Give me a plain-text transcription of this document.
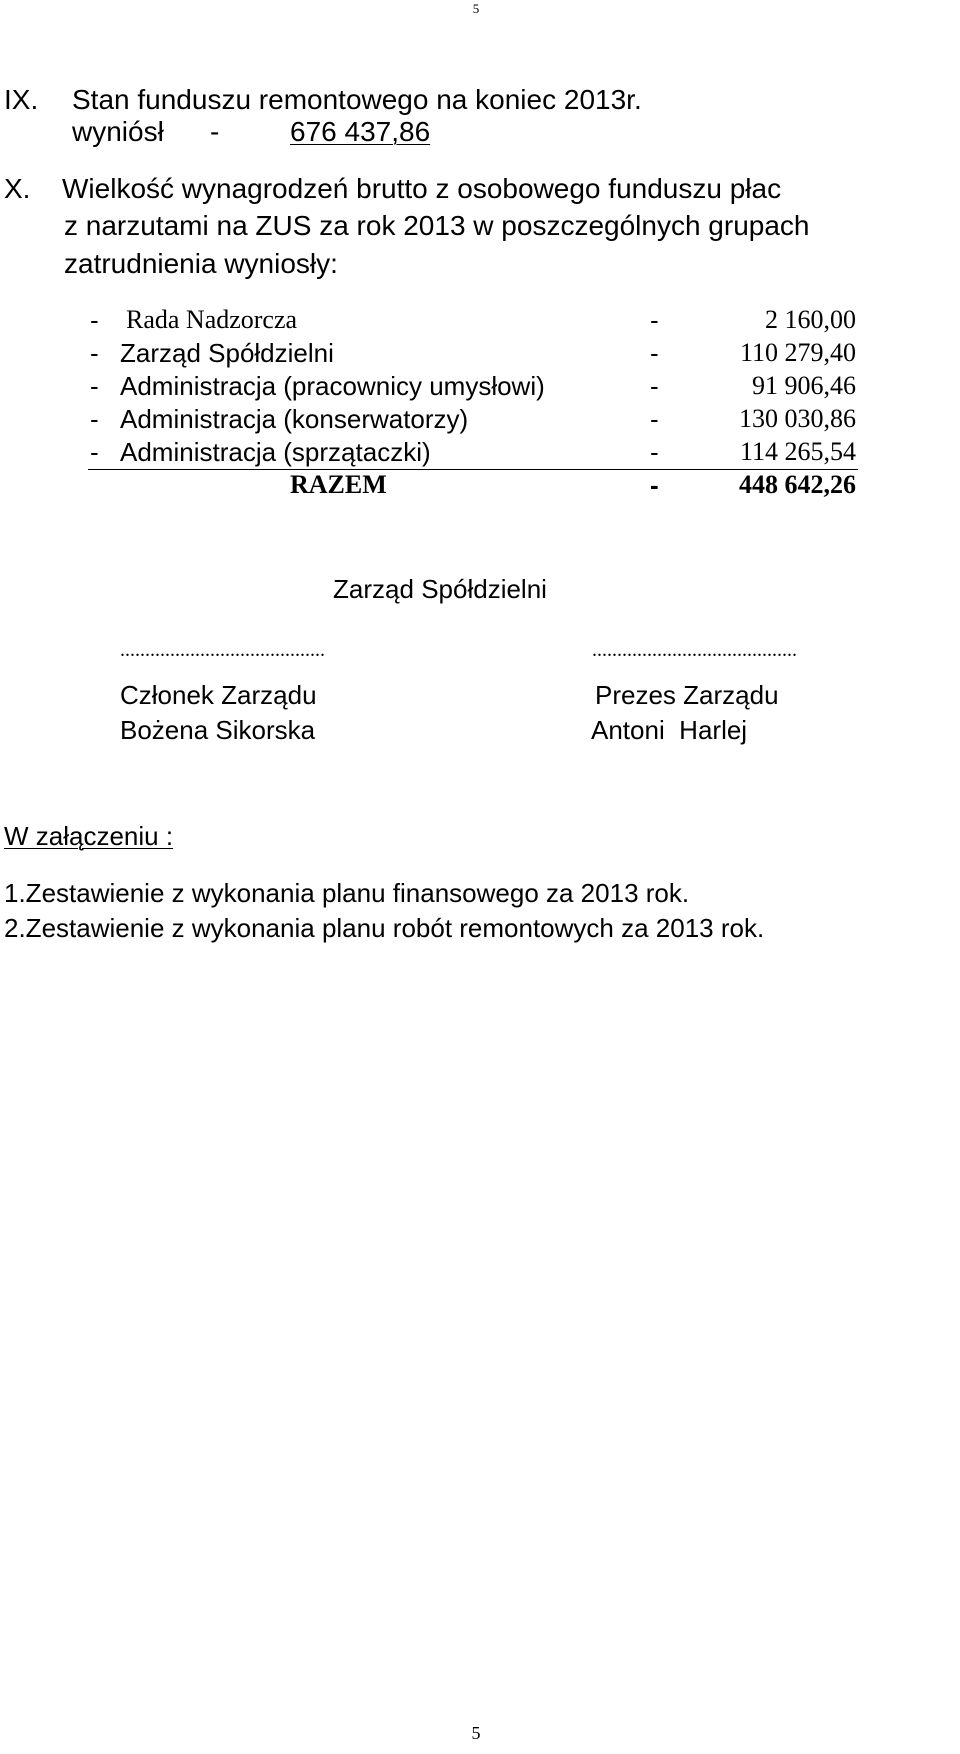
5
IX. Stan funduszu remontowego na koniec 2013r.
wyniósł -	676 437,86
X. Wielkość wynagrodzeń brutto z osobowego funduszu płac
z narzutami na ZUS za rok 2013 w poszczególnych grupach
zatrudnienia wyniosły:
- Rada Nadzorcza	-	2 160,00
- Zarząd Spółdzielni	-	110 279,40
- Administracja (pracownicy umysłowi)	-	91 906,46
- Administracja (konserwatorzy)	-	130 030,86
- Administracja (sprzątaczki)	-	114 265,54
RAZEM	-	448 642,26
Zarząd Spółdzielni
.........................................
Członek Zarządu
Bożena Sikorska
.........................................
Prezes Zarządu
Antoni  Harlej
W załączeniu :
1.Zestawienie z wykonania planu finansowego za 2013 rok.
2.Zestawienie z wykonania planu robót remontowych za 2013 rok.
5
